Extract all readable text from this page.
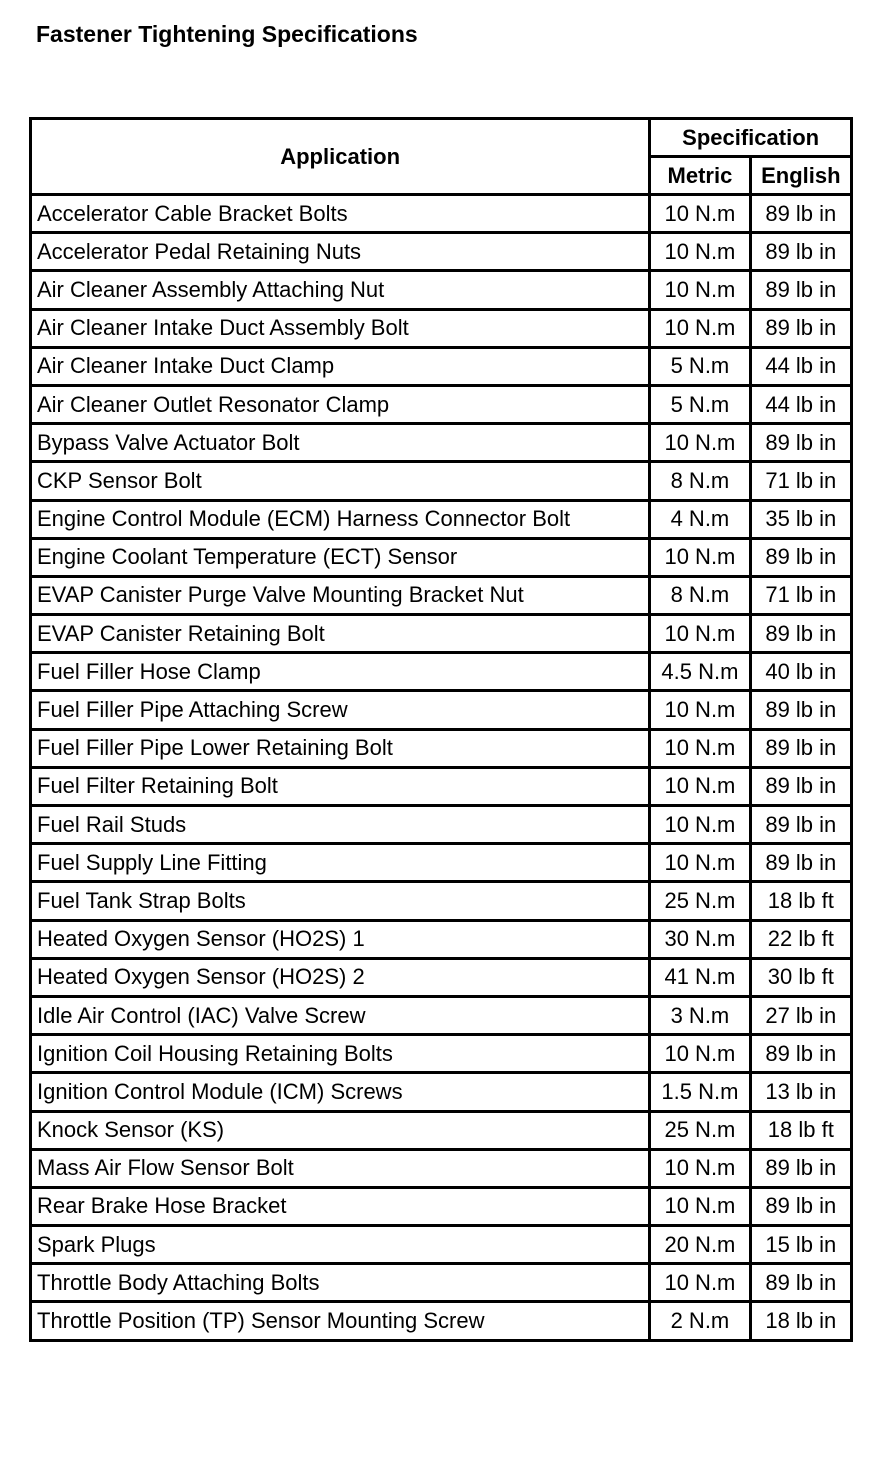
Fastener Tightening Specifications
Application	Specification	
	Metric	English
Accelerator Cable Bracket Bolts	10 N.m	89 lb in
Accelerator Pedal Retaining Nuts	10 N.m	89 lb in
Air Cleaner Assembly Attaching Nut	10 N.m	89 lb in
Air Cleaner Intake Duct Assembly Bolt	10 N.m	89 lb in
Air Cleaner Intake Duct Clamp	5 N.m	44 lb in
Air Cleaner Outlet Resonator Clamp	5 N.m	44 lb in
Bypass Valve Actuator Bolt	10 N.m	89 lb in
CKP Sensor Bolt	8 N.m	71 lb in
Engine Control Module (ECM) Harness Connector Bolt	4 N.m	35 lb in
Engine Coolant Temperature (ECT) Sensor	10 N.m	89 lb in
EVAP Canister Purge Valve Mounting Bracket Nut	8 N.m	71 lb in
EVAP Canister Retaining Bolt	10 N.m	89 lb in
Fuel Filler Hose Clamp	4.5 N.m	40 lb in
Fuel Filler Pipe Attaching Screw	10 N.m	89 lb in
Fuel Filler Pipe Lower Retaining Bolt	10 N.m	89 lb in
Fuel Filter Retaining Bolt	10 N.m	89 lb in
Fuel Rail Studs	10 N.m	89 lb in
Fuel Supply Line Fitting	10 N.m	89 lb in
Fuel Tank Strap Bolts	25 N.m	18 lb ft
Heated Oxygen Sensor (HO2S) 1	30 N.m	22 lb ft
Heated Oxygen Sensor (HO2S) 2	41 N.m	30 lb ft
Idle Air Control (IAC) Valve Screw	3 N.m	27 lb in
Ignition Coil Housing Retaining Bolts	10 N.m	89 lb in
Ignition Control Module (ICM) Screws	1.5 N.m	13 lb in
Knock Sensor (KS)	25 N.m	18 lb ft
Mass Air Flow Sensor Bolt	10 N.m	89 lb in
Rear Brake Hose Bracket	10 N.m	89 lb in
Spark Plugs	20 N.m	15 lb in
Throttle Body Attaching Bolts	10 N.m	89 lb in
Throttle Position (TP) Sensor Mounting Screw	2 N.m	18 lb in
